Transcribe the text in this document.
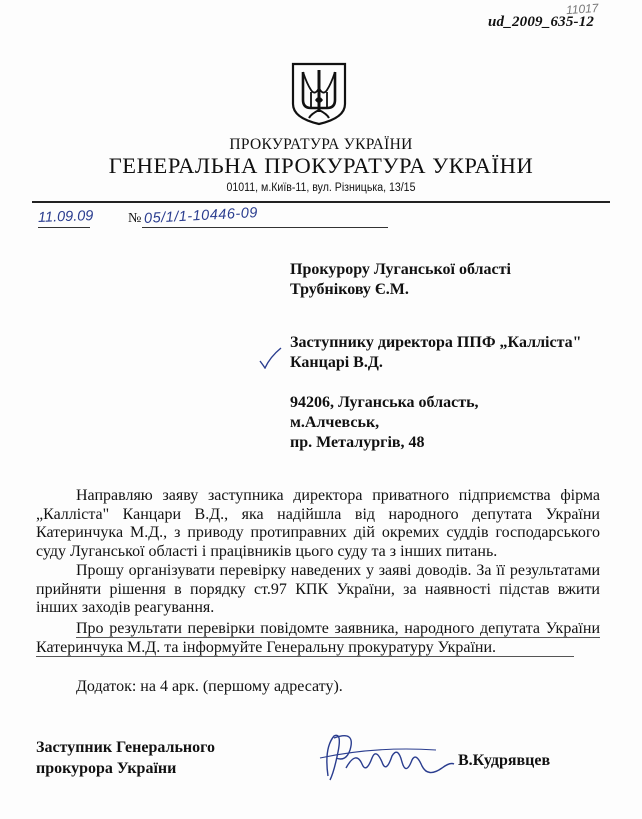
11017
ud_2009_635-12
ПРОКУРАТУРА УКРАЇНИ
ГЕНЕРАЛЬНА ПРОКУРАТУРА УКРАЇНИ
01011, м.Київ-11, вул. Різницька, 13/15
11.09.09 № 05/1/1-10446-09
Прокурору Луганської області
Трубнікову Є.М.
Заступнику директора ППФ „Каллiста"
Канцарі В.Д.
94206, Луганська область,
м.Алчевськ,
пр. Металургів, 48
Направляю заяву заступника директора приватного підприємства фірма „Каллiста" Канцари В.Д., яка надійшла від народного депутата України Катеринчука М.Д., з приводу протиправних дій окремих суддів господарського суду Луганської області і працівників цього суду та з інших питань.
Прошу організувати перевірку наведених у заяві доводів. За її результатами прийняти рішення в порядку ст.97 КПК України, за наявності підстав вжити інших заходів реагування.
Про результати перевірки повідомте заявника, народного депутата України Катеринчука М.Д. та інформуйте Генеральну прокуратуру України.
Додаток: на 4 арк. (першому адресату).
Заступник Генерального
прокурора України	В.Кудрявцев
